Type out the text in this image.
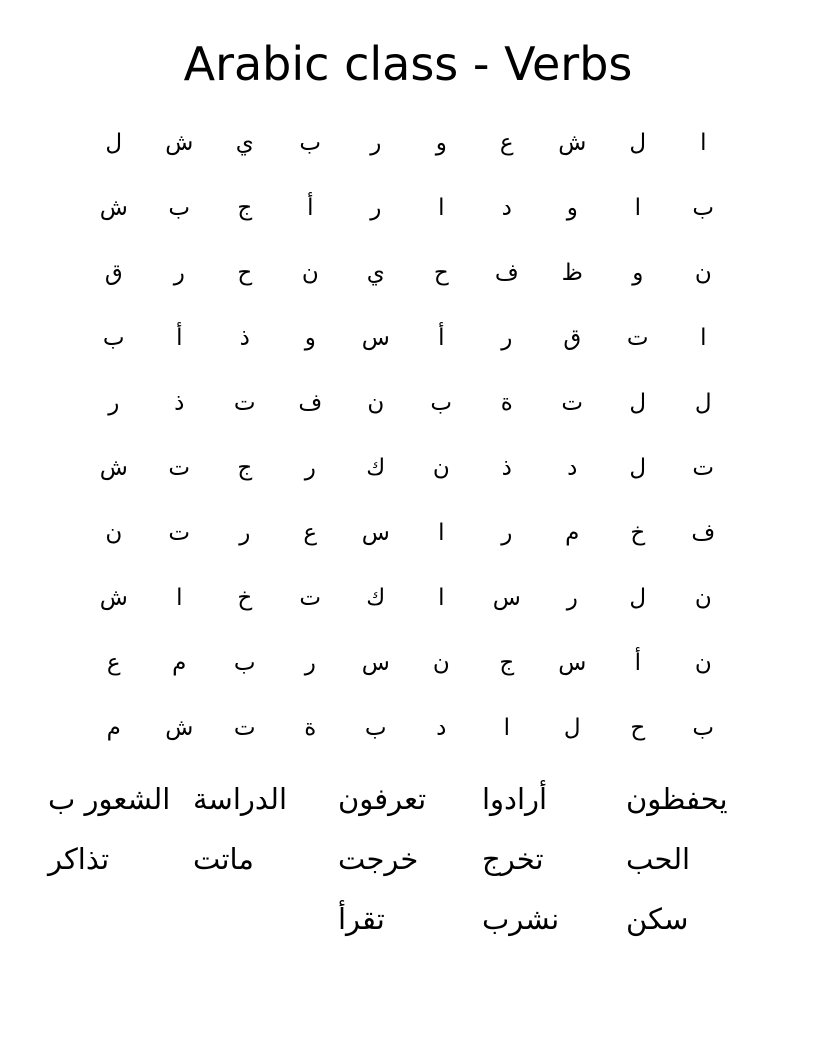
Arabic class - Verbs
ا
ل
ش
ع
و
ر
ب
ي
ش
ل
ب
ا
و
د
ا
ر
أ
ج
ب
ش
ن
و
ظ
ف
ح
ي
ن
ح
ر
ق
ا
ت
ق
ر
أ
س
و
ذ
أ
ب
ل
ل
ت
ة
ب
ن
ف
ت
ذ
ر
ت
ل
د
ذ
ن
ك
ر
ج
ت
ش
ف
خ
م
ر
ا
س
ع
ر
ت
ن
ن
ل
ر
س
ا
ك
ت
خ
ا
ش
ن
أ
س
ج
ن
س
ر
ب
م
ع
ب
ح
ل
ا
د
ب
ة
ت
ش
م
يحفظون
أرادوا
تعرفون
الدراسة
الشعور ب
الحب
تخرج
خرجت
ماتت
تذاكر
سكن
نشرب
تقرأ
